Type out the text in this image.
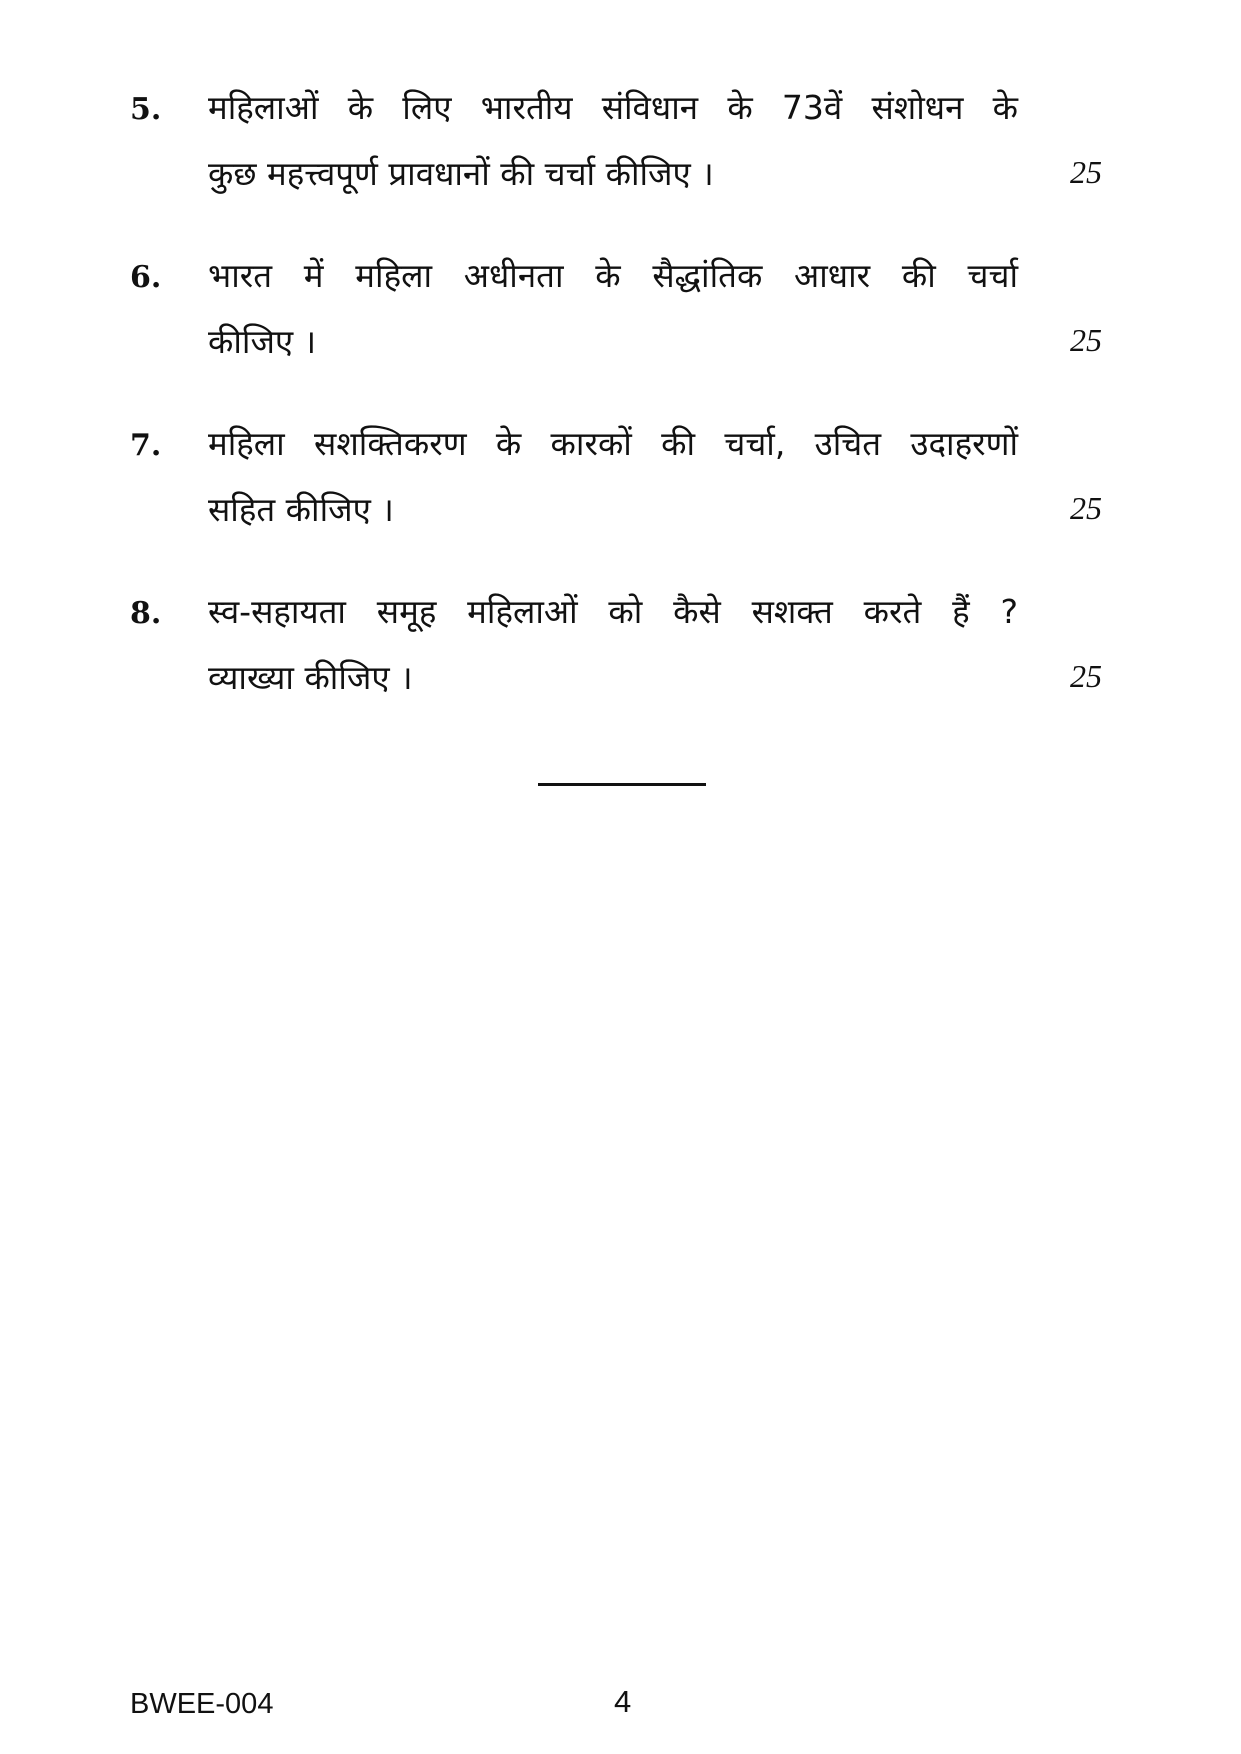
5. महिलाओं के लिए भारतीय संविधान के 73वें संशोधन के
कुछ महत्त्वपूर्ण प्रावधानों की चर्चा कीजिए ।	25
6. भारत में महिला अधीनता के सैद्धांतिक आधार की चर्चा
कीजिए ।	25
7. महिला सशक्तिकरण के कारकों की चर्चा, उचित उदाहरणों
सहित कीजिए ।	25
8. स्व-सहायता समूह महिलाओं को कैसे सशक्त करते हैं ?
व्याख्या कीजिए ।	25
BWEE-004	4
